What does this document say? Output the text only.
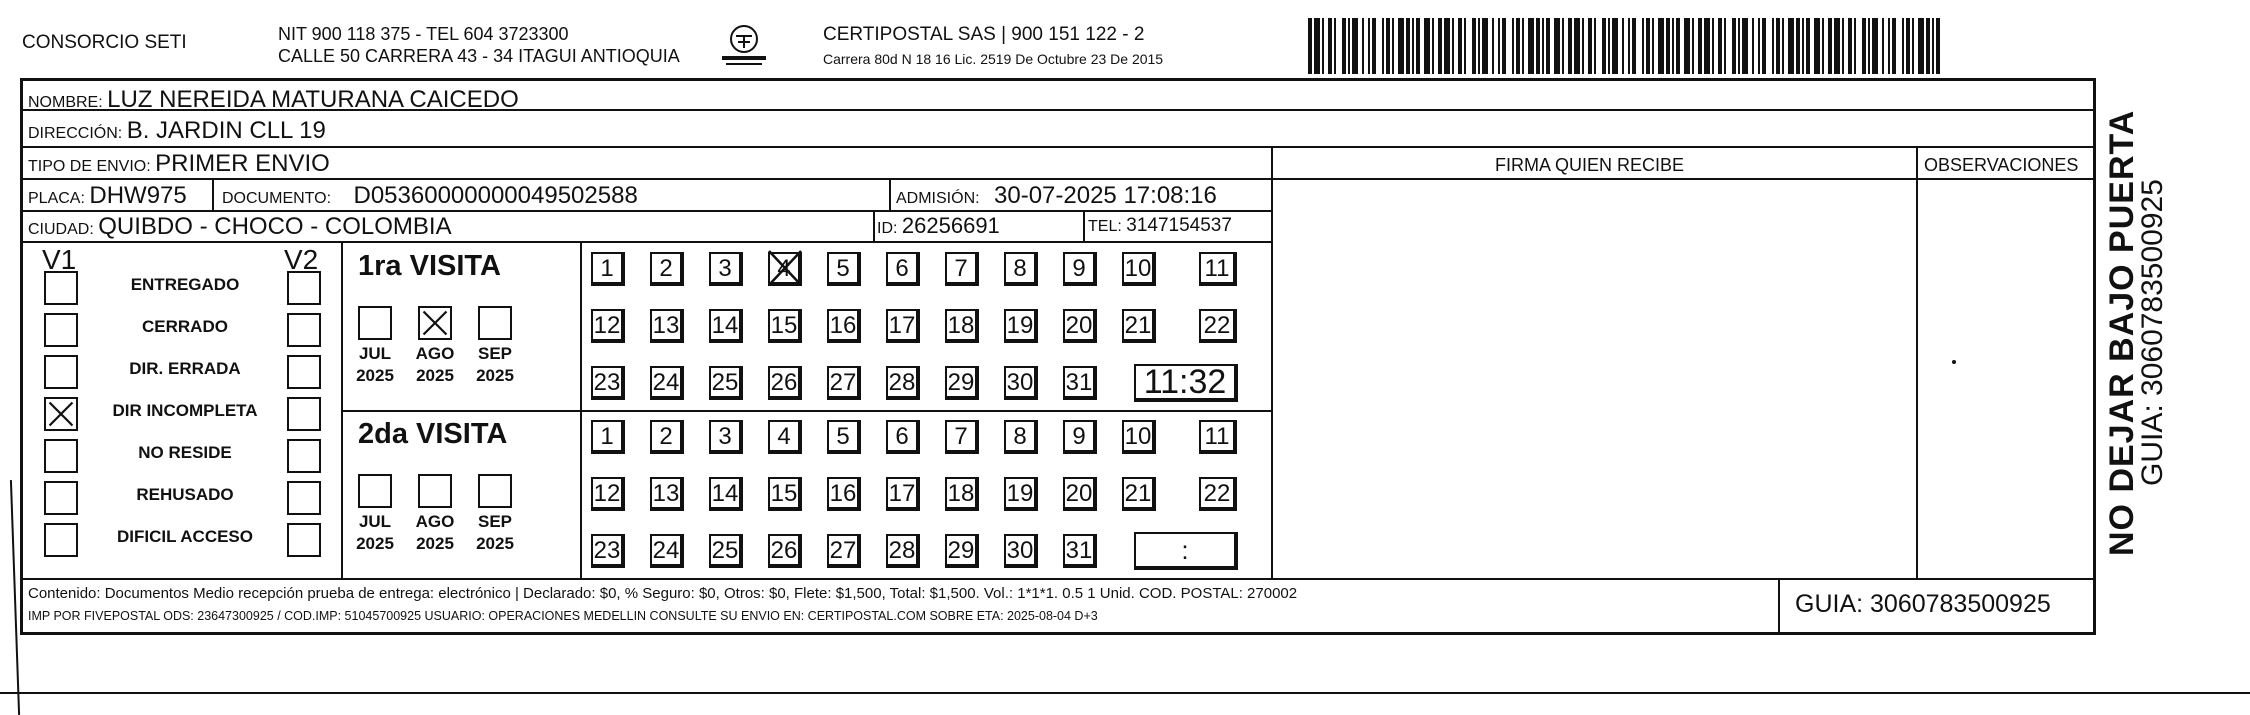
CONSORCIO SETI	NIT 900 118 375 - TEL 604 3723300
CALLE 50 CARRERA 43 - 34 ITAGUI ANTIOQUIA
CERTIPOSTAL SAS | 900 151 122 - 2
Carrera 80d N 18 16 Lic. 2519 De Octubre 23 De 2015
NOMBRE: LUZ NEREIDA MATURANA CAICEDO
DIRECCIÓN: B. JARDIN CLL 19
TIPO DE ENVIO: PRIMER ENVIO	FIRMA QUIEN RECIBE	OBSERVACIONES
PLACA: DHW975 DOCUMENTO: D05360000000049502588	ADMISIÓN: 30-07-2025 17:08:16
CIUDAD: QUIBDO - CHOCO - COLOMBIA	ID: 26256691	TEL: 3147154537
V1	V2
ENTREGADO
CERRADO
DIR. ERRADA
DIR INCOMPLETA
NO RESIDE
REHUSADO
DIFICIL ACCESO
1ra VISITA
JUL
2025
AGO
2025
SEP
2025
1	2	3	4	5	6	7	8	9	10 11
12 13 14 15 16 17 18 19 20 21 22
23 24 25 26 27 28 29 30 31 11:32
2da VISITA
JUL
2025
AGO
2025
SEP
2025
1	2	3	4	5	6	7	8	9	10 11
12 13 14 15 16 17 18 19 20 21 22
23 24 25 26 27 28 29 30 31	:
Contenido: Documentos Medio recepción prueba de entrega: electrónico | Declarado: $0, % Seguro: $0, Otros: $0, Flete: $1,500, Total: $1,500. Vol.: 1*1*1. 0.5 1 Unid. COD. POSTAL: 270002
IMP POR FIVEPOSTAL ODS: 23647300925 / COD.IMP: 51045700925 USUARIO: OPERACIONES MEDELLIN CONSULTE SU ENVIO EN: CERTIPOSTAL.COM SOBRE ETA: 2025-08-04 D+3	GUIA: 3060783500925
NO DEJAR BAJO PUERTA
GUIA: 3060783500925
